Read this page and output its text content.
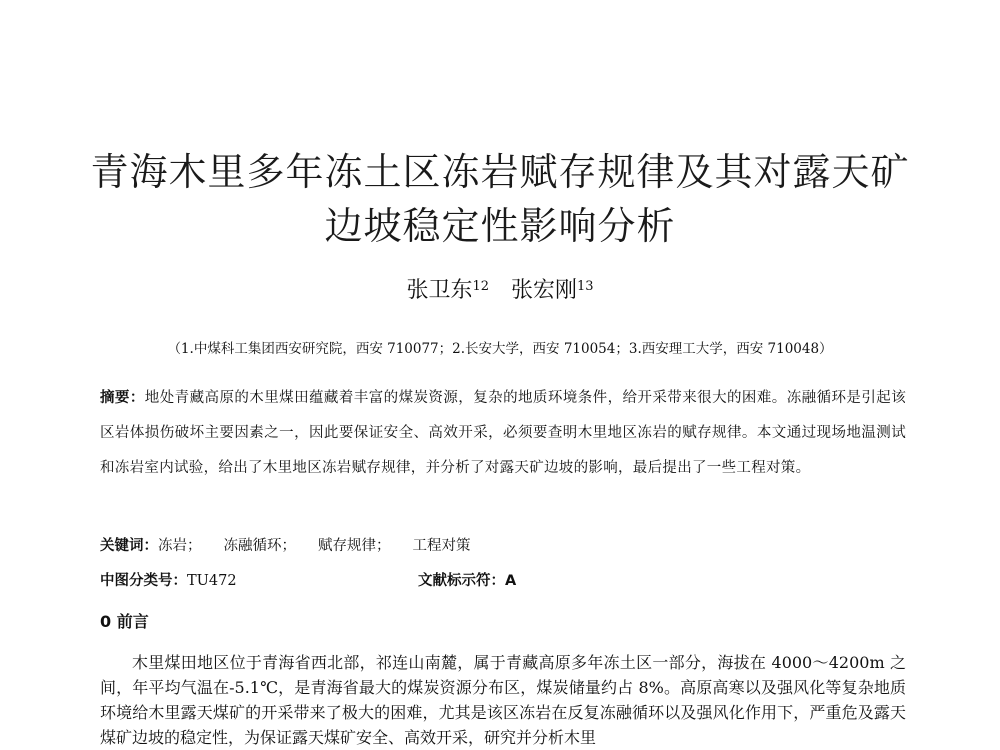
青海木里多年冻土区冻岩赋存规律及其对露天矿
边坡稳定性影响分析
张卫东$^{12}$ 张宏刚$^{13}$
（1.中煤科工集团西安研究院，西安 710077；2.长安大学，西安 710054；3.西安理工大学，西安 710048）
摘要：地处青藏高原的木里煤田蕴藏着丰富的煤炭资源，复杂的地质环境条件，给开采带来很大的困难。冻融循环是引起该区岩体损伤破坏主要因素之一，因此要保证安全、高效开采，必须要查明木里地区冻岩的赋存规律。本文通过现场地温测试和冻岩室内试验，给出了木里地区冻岩赋存规律，并分析了对露天矿边坡的影响，最后提出了一些工程对策。
关键词：冻岩； 冻融循环； 赋存规律； 工程对策
中图分类号：TU472	文献标示符：A
0 前言
木里煤田地区位于青海省西北部，祁连山南麓，属于青藏高原多年冻土区一部分，海拔在 4000～4200m 之间，年平均气温在-5.1℃，是青海省最大的煤炭资源分布区，煤炭储量约占 8%。高原高寒以及强风化等复杂地质环境给木里露天煤矿的开采带来了极大的困难，尤其是该区冻岩在反复冻融循环以及强风化作用下，严重危及露天煤矿边坡的稳定性，为保证露天煤矿安全、高效开采，研究并分析木里
